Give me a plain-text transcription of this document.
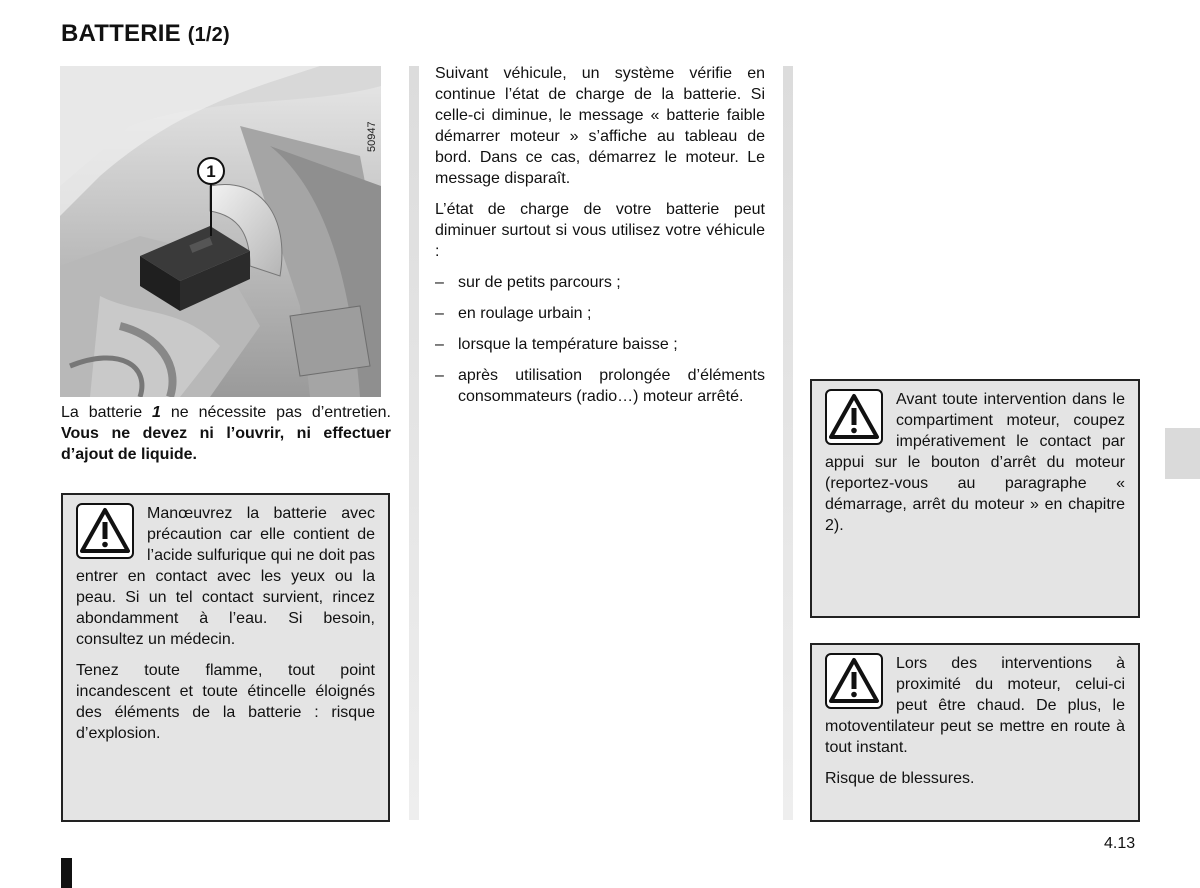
BATTERIE (1/2)
1
50947
La batterie 1 ne nécessite pas d’entretien. Vous ne devez ni l’ouvrir, ni effectuer d’ajout de liquide.

Manœuvrez la batterie avec précaution car elle contient de l’acide sulfurique qui ne doit pas entrer en contact avec les yeux ou la peau. Si un tel contact survient, rincez abondamment à l’eau. Si besoin, consultez un médecin.

Tenez toute flamme, tout point incandescent et toute étincelle éloignés des éléments de la batterie : risque d’explosion.

Suivant véhicule, un système vérifie en continue l’état de charge de la batterie. Si celle-ci diminue, le message « batterie faible démarrer moteur » s’affiche au tableau de bord. Dans ce cas, démarrez le moteur. Le message disparaît.

L’état de charge de votre batterie peut diminuer surtout si vous utilisez votre véhicule :

– sur de petits parcours ;
– en roulage urbain ;
– lorsque la température baisse ;
– après utilisation prolongée d’éléments consommateurs (radio…) moteur arrêté.	Avant toute intervention dans le compartiment moteur, coupez impérativement le contact par appui sur le bouton d’arrêt du moteur (reportez-vous au paragraphe « démarrage, arrêt du moteur » en chapitre 2).

Lors des interventions à proximité du moteur, celui-ci peut être chaud. De plus, le motoventilateur peut se mettre en route à tout instant.

Risque de blessures.

4.13
